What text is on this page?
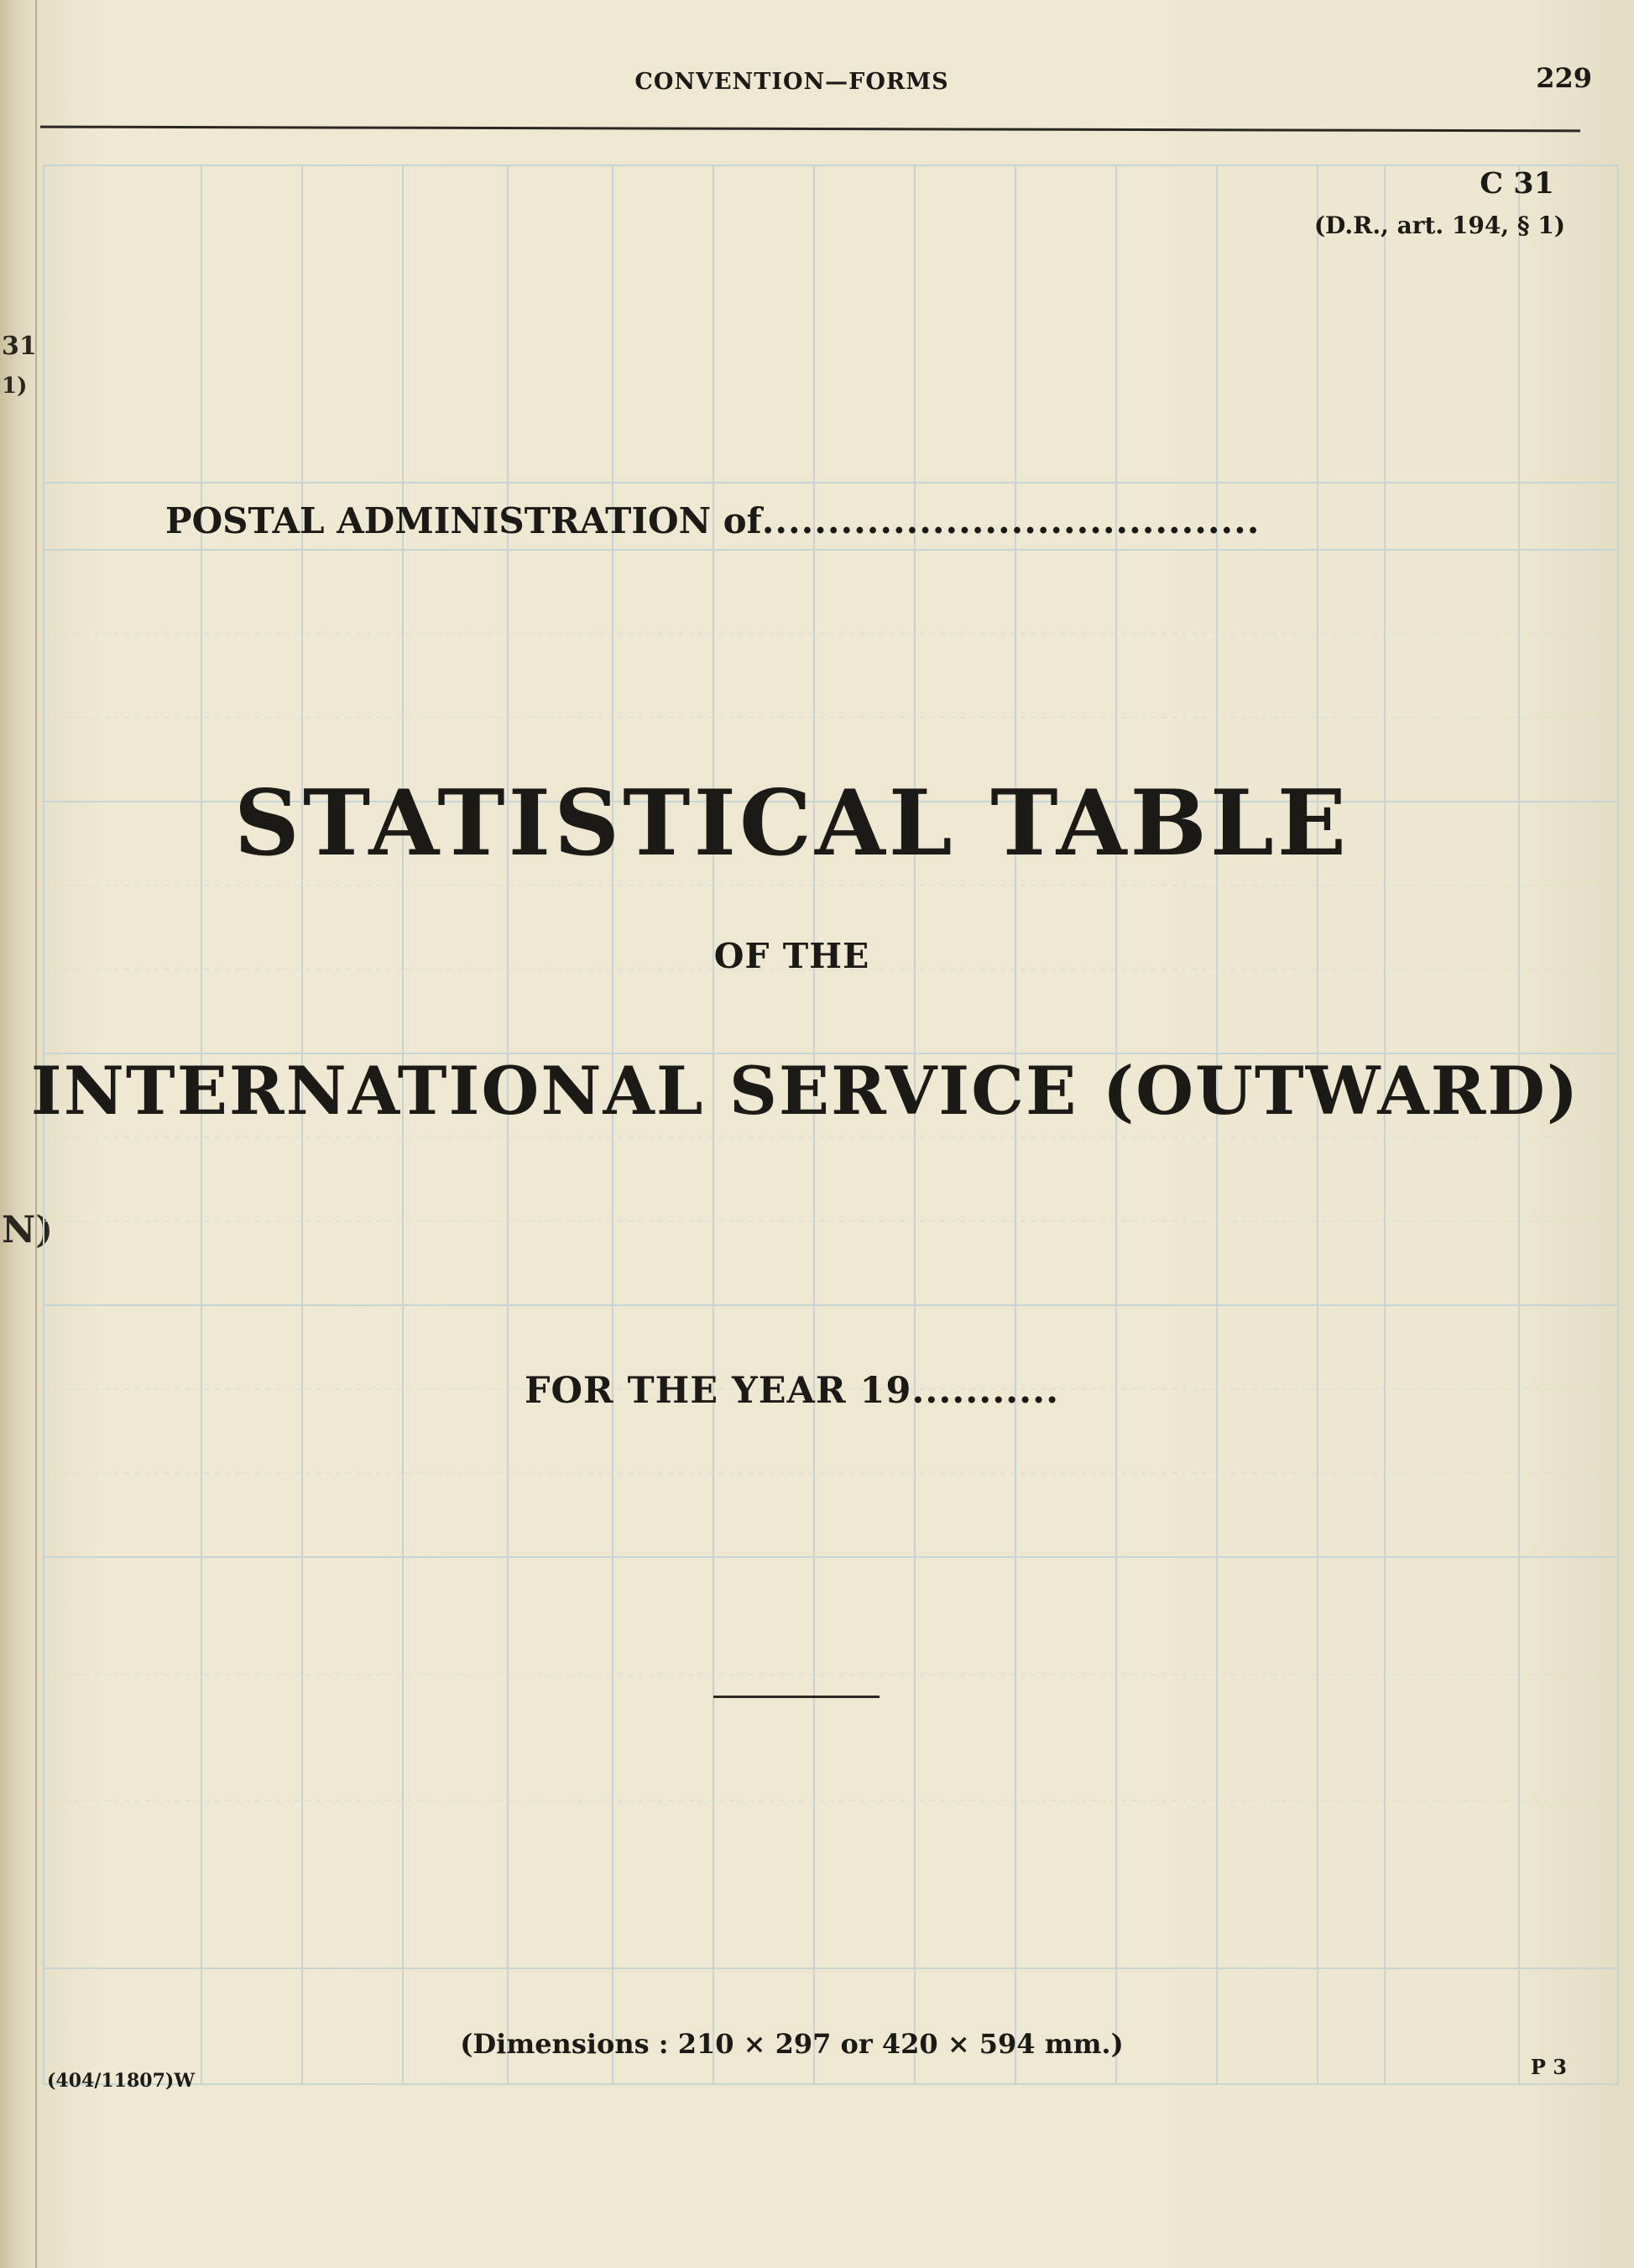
31
1)
N)
CONVENTION—FORMS	229
C 31
(D.R., art. 194, § 1)
POSTAL ADMINISTRATION of......................................
STATISTICAL TABLE
OF THE
INTERNATIONAL SERVICE (OUTWARD)
FOR THE YEAR 19...........
(Dimensions : 210 × 297 or 420 × 594 mm.)
(404/11807)W
P 3
